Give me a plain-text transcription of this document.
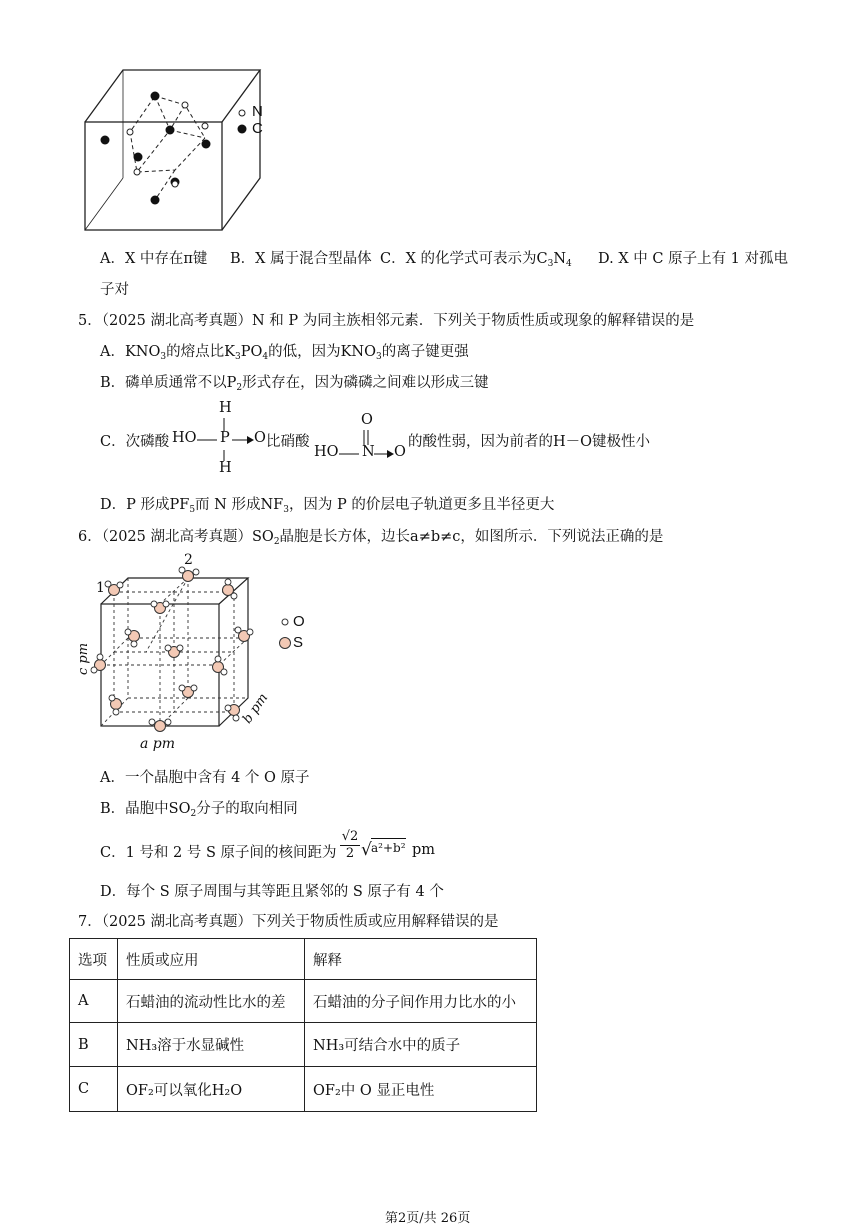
N
C
A．X 中存在π键 B．X 属于混合型晶体 C．X 的化学式可表示为$C_3N_4$ D. X 中 C 原子上有 1 对孤电
子对
5．（2025 湖北高考真题）N 和 P 为同主族相邻元素．下列关于物质性质或现象的解释错误的是
A．$KNO_3$的熔点比$K_3PO_4$的低，因为$KNO_3$的离子键更强
B．磷单质通常不以$P_2$形式存在，因为磷磷之间难以形成三键
C．次磷酸
H
HO P O
H
比硝酸
O
HO N O
的酸性弱，因为前者的H－O键极性小
D．P 形成$PF_5$而 N 形成$NF_3$，因为 P 的价层电子轨道更多且半径更大
6．（2025 湖北高考真题）$SO_2$晶胞是长方体，边长a≠b≠c，如图所示．下列说法正确的是
1
2
O
S
c pm
b pm
a pm
A．一个晶胞中含有 4 个 O 原子
B．晶胞中$SO_2$分子的取向相同
C．1 号和 2 号 S 原子间的核间距为 $\frac{√2}{2}$ √ a²+b² pm
D．每个 S 原子周围与其等距且紧邻的 S 原子有 4 个
7．（2025 湖北高考真题）下列关于物质性质或应用解释错误的是
选项	性质或应用	解释
A	石蜡油的流动性比水的差	石蜡油的分子间作用力比水的小
B	NH₃溶于水显碱性	NH₃可结合水中的质子
C	OF₂可以氧化H₂O	OF₂中 O 显正电性
第2页/共 26页
